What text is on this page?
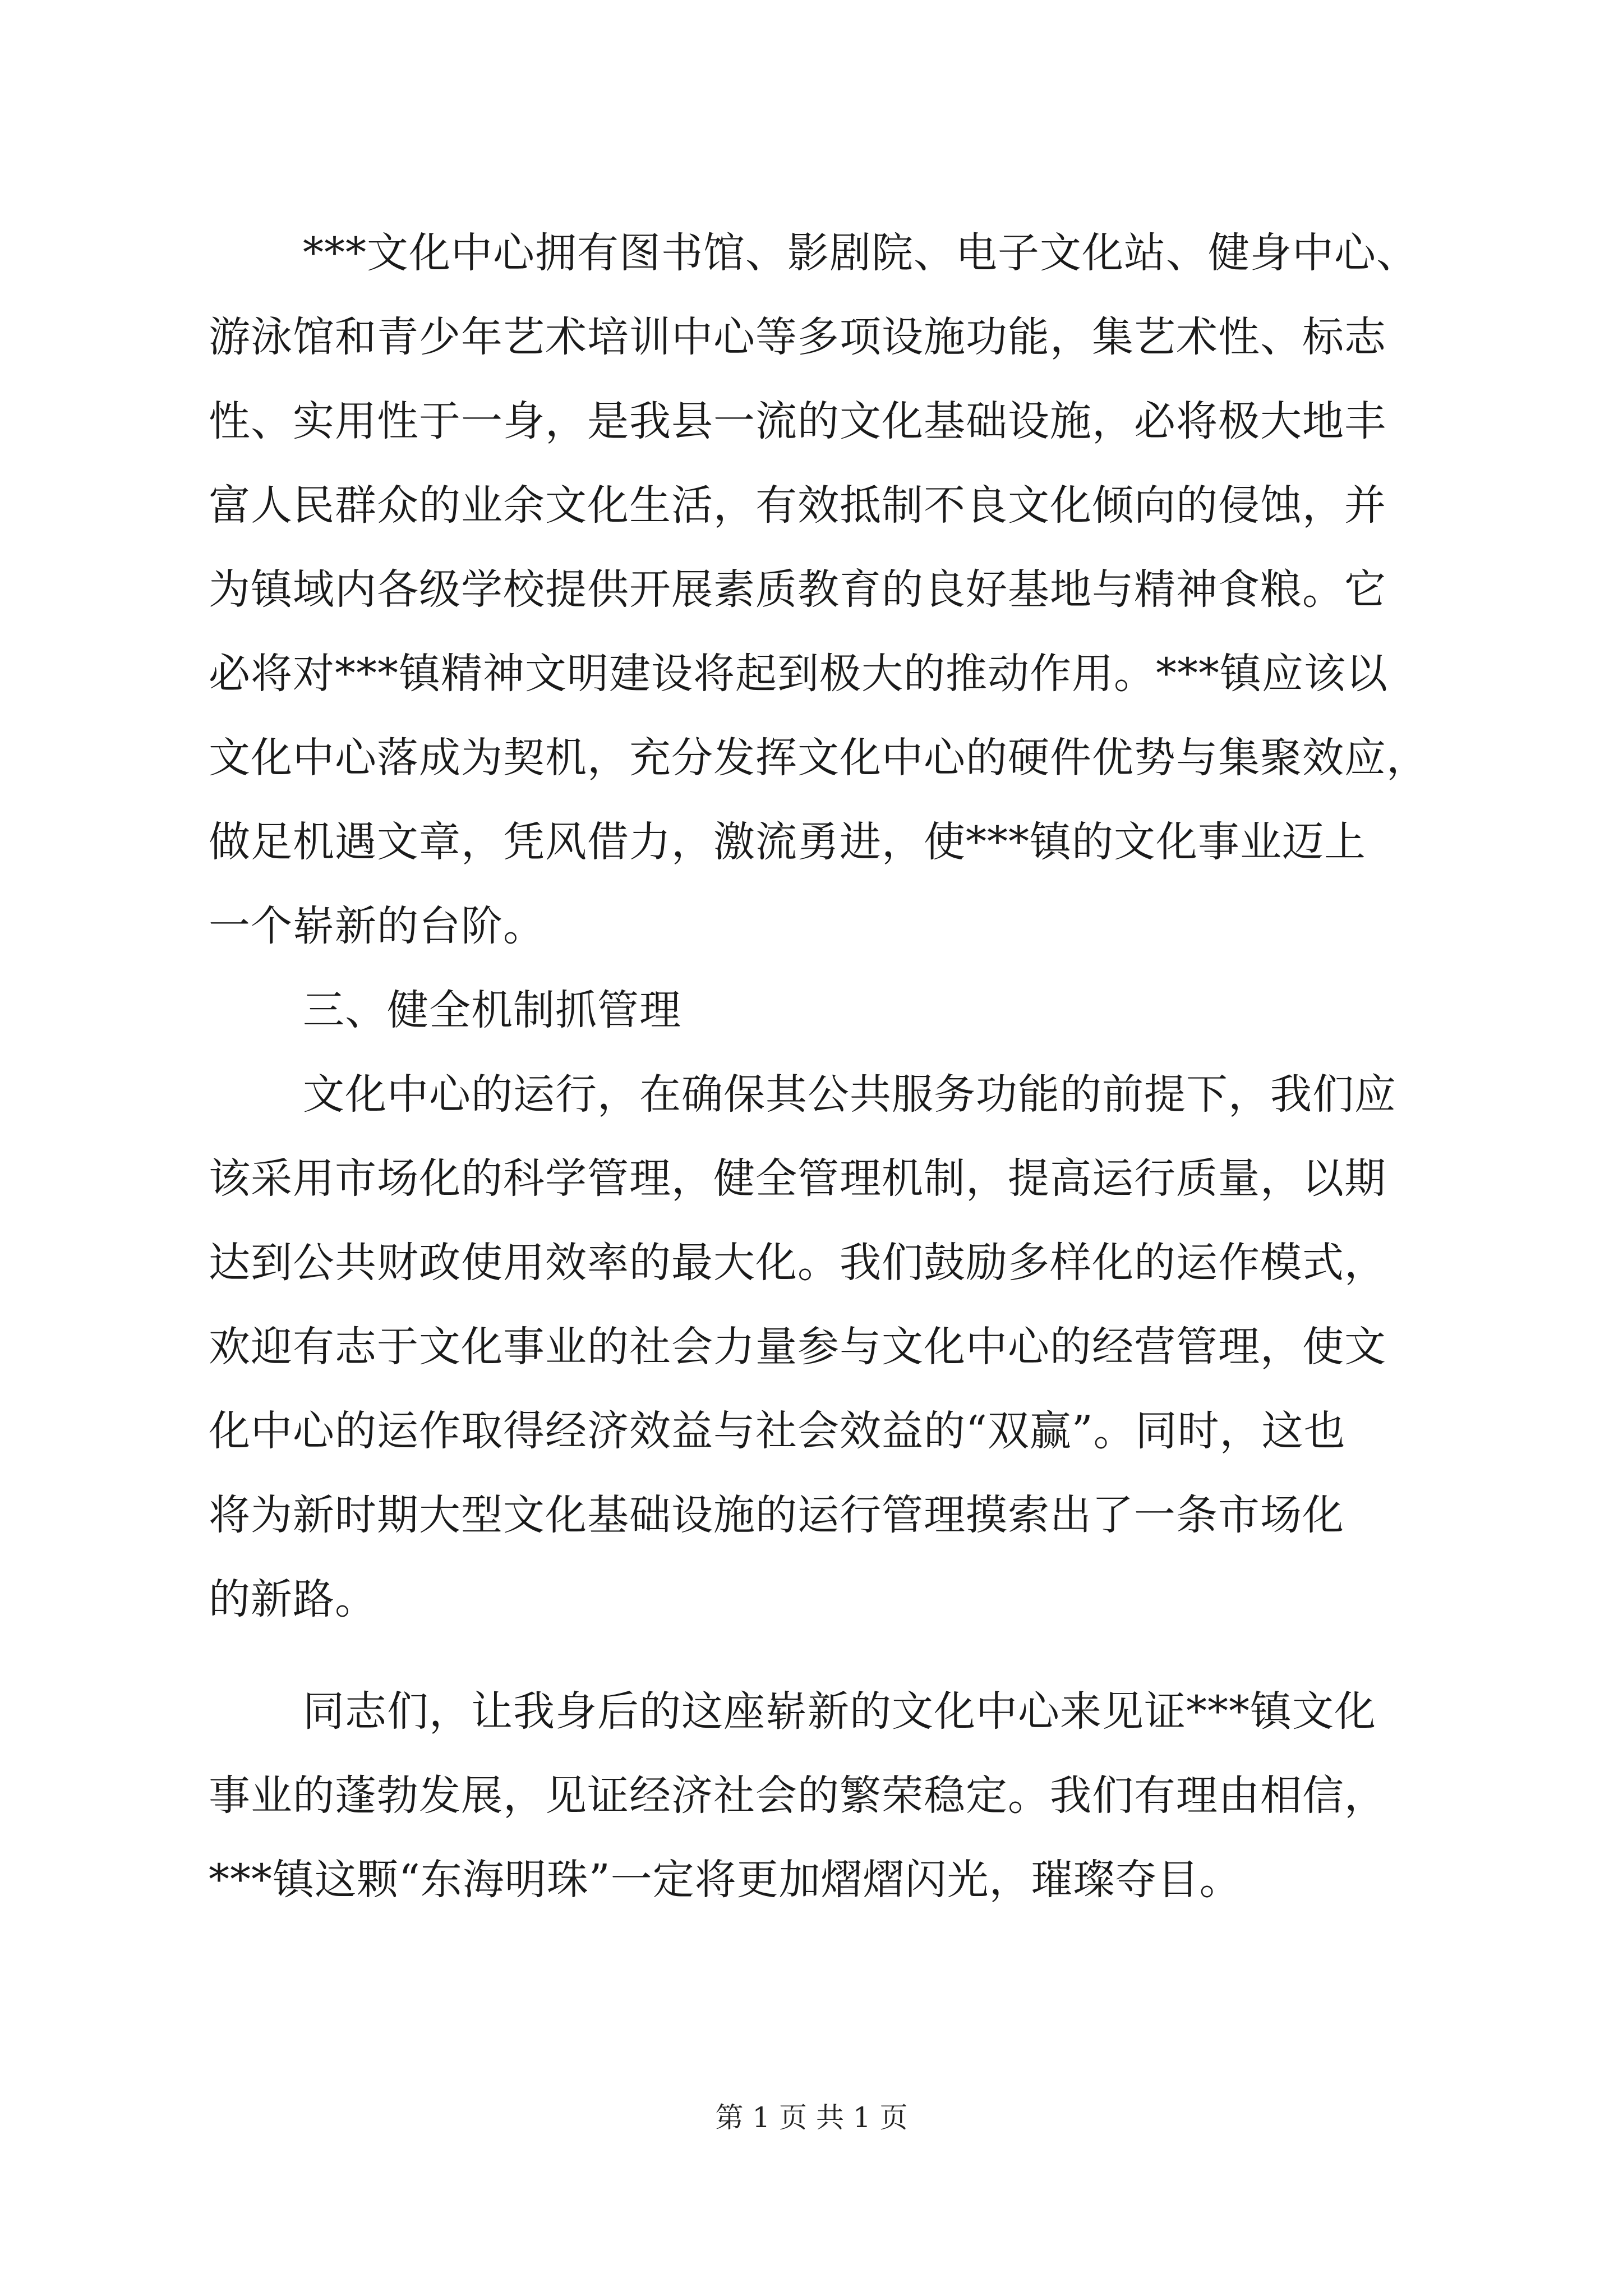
***文化中心拥有图书馆、影剧院、电子文化站、健身中心、
游泳馆和青少年艺术培训中心等多项设施功能，集艺术性、标志
性、实用性于一身，是我县一流的文化基础设施，必将极大地丰
富人民群众的业余文化生活，有效抵制不良文化倾向的侵蚀，并
为镇域内各级学校提供开展素质教育的良好基地与精神食粮。它
必将对***镇精神文明建设将起到极大的推动作用。***镇应该以
文化中心落成为契机，充分发挥文化中心的硬件优势与集聚效应，
做足机遇文章，凭风借力，激流勇进，使***镇的文化事业迈上
一个崭新的台阶。
三、健全机制抓管理
文化中心的运行，在确保其公共服务功能的前提下，我们应
该采用市场化的科学管理，健全管理机制，提高运行质量，以期
达到公共财政使用效率的最大化。我们鼓励多样化的运作模式，
欢迎有志于文化事业的社会力量参与文化中心的经营管理，使文
化中心的运作取得经济效益与社会效益的“双赢”。同时，这也
将为新时期大型文化基础设施的运行管理摸索出了一条市场化
的新路。
同志们，让我身后的这座崭新的文化中心来见证***镇文化
事业的蓬勃发展，见证经济社会的繁荣稳定。我们有理由相信，
***镇这颗“东海明珠”一定将更加熠熠闪光，璀璨夺目。
第 1 页 共 1 页
